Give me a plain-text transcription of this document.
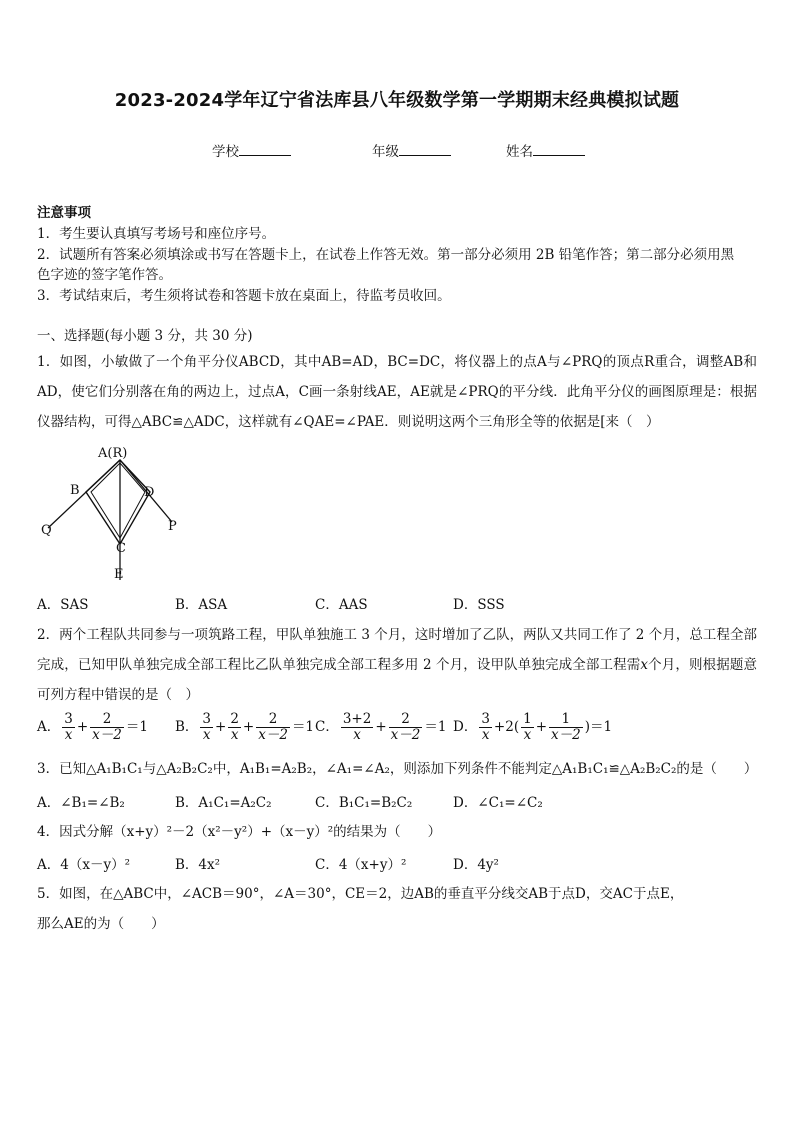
2023-2024学年辽宁省法库县八年级数学第一学期期末经典模拟试题
学校	年级	姓名
注意事项
1．考生要认真填写考场号和座位序号。
2．试题所有答案必须填涂或书写在答题卡上，在试卷上作答无效。第一部分必须用 2B 铅笔作答；第二部分必须用黑
色字迹的签字笔作答。
3．考试结束后，考生须将试卷和答题卡放在桌面上，待监考员收回。
一、选择题(每小题 3 分，共 30 分)
1．如图，小敏做了一个角平分仪ABCD，其中AB=AD，BC=DC，将仪器上的点A与∠PRQ的顶点R重合，调整AB和AD，使它们分别落在角的两边上，过点A，C画一条射线AE，AE就是∠PRQ的平分线．此角平分仪的画图原理是：根据仪器结构，可得△ABC≌△ADC，这样就有∠QAE=∠PAE．则说明这两个三角形全等的依据是[来（　）
A(R)
B	D
Q	P
C
E
A．SAS	B．ASA	C．AAS	D．SSS
2．两个工程队共同参与一项筑路工程，甲队单独施工 3 个月，这时增加了乙队，两队又共同工作了 2 个月，总工程全部完成，已知甲队单独完成全部工程比乙队单独完成全部工程多用 2 个月，设甲队单独完成全部工程需x个月，则根据题意可列方程中错误的是（　）
A． $\frac{3}{x} + \frac{2}{x-2} =1$ B． $\frac{3}{x} + \frac{2}{x} + \frac{2}{x-2} =1$ C． $\frac{3+2}{x} + \frac{2}{x-2} =1$ D． $\frac{3}{x} +2( \frac{1}{x} + \frac{1}{x-2} )=1$
3．已知△A₁B₁C₁与△A₂B₂C₂中，A₁B₁=A₂B₂，∠A₁=∠A₂，则添加下列条件不能判定△A₁B₁C₁≌△A₂B₂C₂的是（　　）
A．∠B₁=∠B₂	B．A₁C₁=A₂C₂	C．B₁C₁=B₂C₂	D．∠C₁=∠C₂
4．因式分解（x+y）²－2（x²－y²）+（x－y）²的结果为（　　）
A．4（x－y）²	B．4x²	C．4（x+y）²	D．4y²
5．如图，在△ABC中，∠ACB＝90°，∠A＝30°，CE＝2，边AB的垂直平分线交AB于点D，交AC于点E，
那么AE的为（　　）
